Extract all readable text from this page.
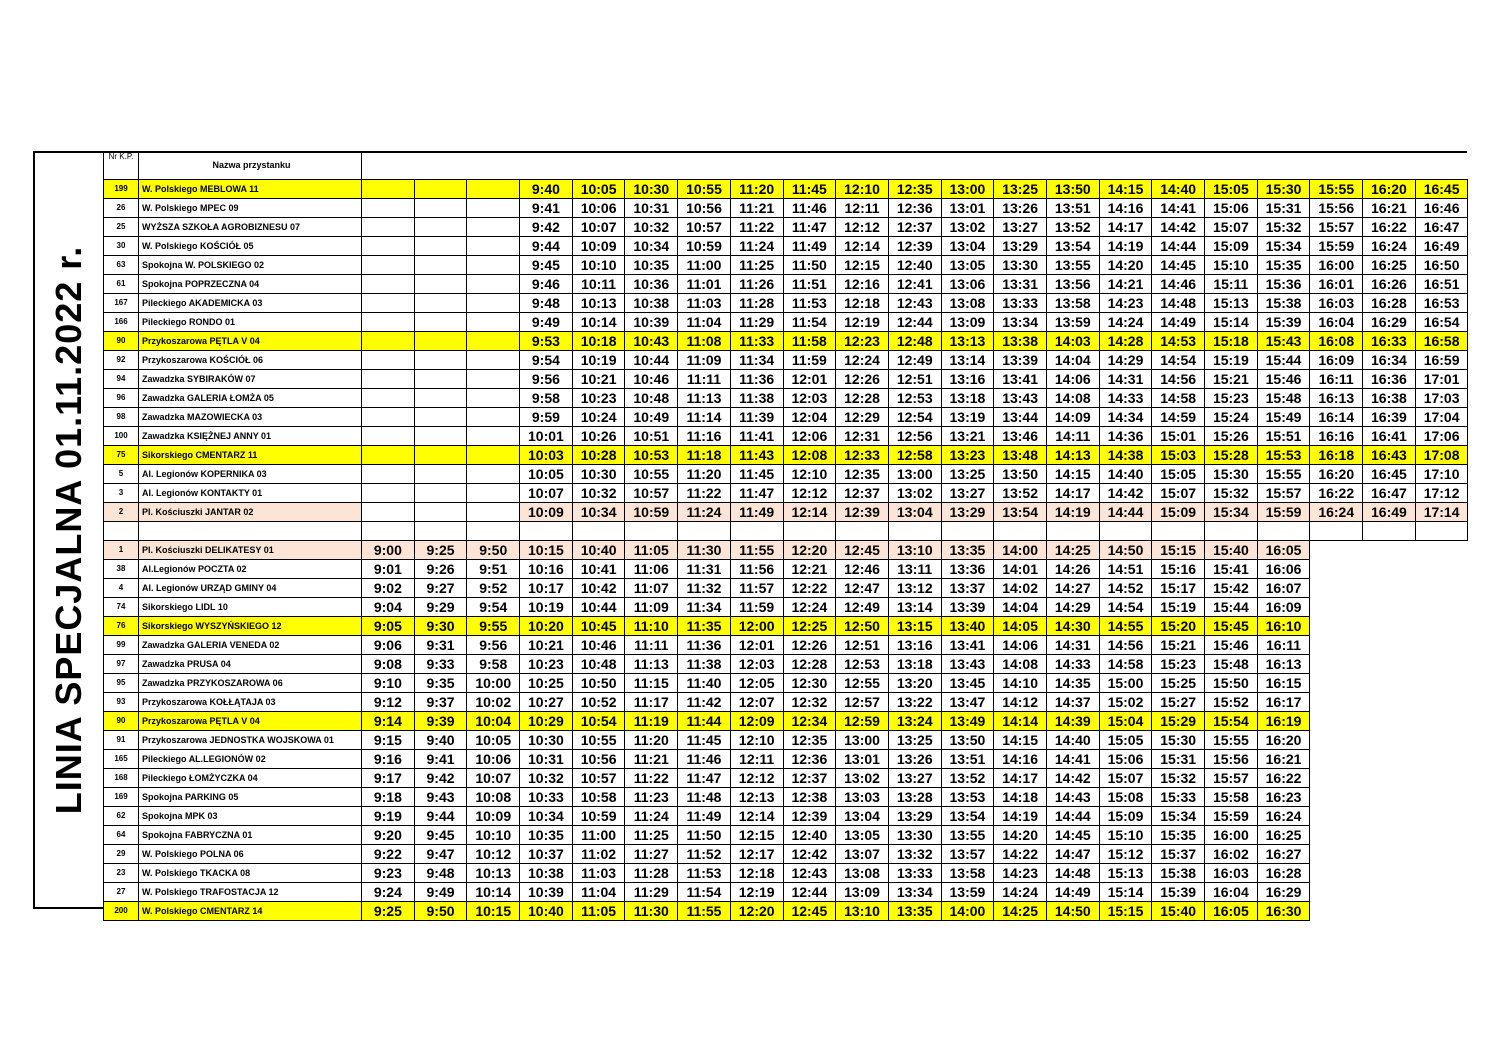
LINIA SPECJALNA 01.11.2022 r.
Nr K.P.	Nazwa przystanku																					
199	W. Polskiego MEBLOWA 11				9:40	10:05	10:30	10:55	11:20	11:45	12:10	12:35	13:00	13:25	13:50	14:15	14:40	15:05	15:30	15:55	16:20	16:45
26	W. Polskiego MPEC 09				9:41	10:06	10:31	10:56	11:21	11:46	12:11	12:36	13:01	13:26	13:51	14:16	14:41	15:06	15:31	15:56	16:21	16:46
25	WYŻSZA SZKOŁA AGROBIZNESU 07				9:42	10:07	10:32	10:57	11:22	11:47	12:12	12:37	13:02	13:27	13:52	14:17	14:42	15:07	15:32	15:57	16:22	16:47
30	W. Polskiego KOŚCIÓŁ 05				9:44	10:09	10:34	10:59	11:24	11:49	12:14	12:39	13:04	13:29	13:54	14:19	14:44	15:09	15:34	15:59	16:24	16:49
63	Spokojna W. POLSKIEGO 02				9:45	10:10	10:35	11:00	11:25	11:50	12:15	12:40	13:05	13:30	13:55	14:20	14:45	15:10	15:35	16:00	16:25	16:50
61	Spokojna POPRZECZNA 04				9:46	10:11	10:36	11:01	11:26	11:51	12:16	12:41	13:06	13:31	13:56	14:21	14:46	15:11	15:36	16:01	16:26	16:51
167	Pileckiego AKADEMICKA 03				9:48	10:13	10:38	11:03	11:28	11:53	12:18	12:43	13:08	13:33	13:58	14:23	14:48	15:13	15:38	16:03	16:28	16:53
166	Pileckiego RONDO 01				9:49	10:14	10:39	11:04	11:29	11:54	12:19	12:44	13:09	13:34	13:59	14:24	14:49	15:14	15:39	16:04	16:29	16:54
90	Przykoszarowa PĘTLA V 04				9:53	10:18	10:43	11:08	11:33	11:58	12:23	12:48	13:13	13:38	14:03	14:28	14:53	15:18	15:43	16:08	16:33	16:58
92	Przykoszarowa KOŚCIÓŁ 06				9:54	10:19	10:44	11:09	11:34	11:59	12:24	12:49	13:14	13:39	14:04	14:29	14:54	15:19	15:44	16:09	16:34	16:59
94	Zawadzka SYBIRAKÓW 07				9:56	10:21	10:46	11:11	11:36	12:01	12:26	12:51	13:16	13:41	14:06	14:31	14:56	15:21	15:46	16:11	16:36	17:01
96	Zawadzka GALERIA ŁOMŻA 05				9:58	10:23	10:48	11:13	11:38	12:03	12:28	12:53	13:18	13:43	14:08	14:33	14:58	15:23	15:48	16:13	16:38	17:03
98	Zawadzka MAZOWIECKA 03				9:59	10:24	10:49	11:14	11:39	12:04	12:29	12:54	13:19	13:44	14:09	14:34	14:59	15:24	15:49	16:14	16:39	17:04
100	Zawadzka KSIĘŻNEJ ANNY 01				10:01	10:26	10:51	11:16	11:41	12:06	12:31	12:56	13:21	13:46	14:11	14:36	15:01	15:26	15:51	16:16	16:41	17:06
75	Sikorskiego CMENTARZ 11				10:03	10:28	10:53	11:18	11:43	12:08	12:33	12:58	13:23	13:48	14:13	14:38	15:03	15:28	15:53	16:18	16:43	17:08
5	Al. Legionów KOPERNIKA 03				10:05	10:30	10:55	11:20	11:45	12:10	12:35	13:00	13:25	13:50	14:15	14:40	15:05	15:30	15:55	16:20	16:45	17:10
3	Al. Legionów KONTAKTY 01				10:07	10:32	10:57	11:22	11:47	12:12	12:37	13:02	13:27	13:52	14:17	14:42	15:07	15:32	15:57	16:22	16:47	17:12
2	Pl. Kościuszki JANTAR 02				10:09	10:34	10:59	11:24	11:49	12:14	12:39	13:04	13:29	13:54	14:19	14:44	15:09	15:34	15:59	16:24	16:49	17:14

1	Pl. Kościuszki DELIKATESY 01	9:00	9:25	9:50	10:15	10:40	11:05	11:30	11:55	12:20	12:45	13:10	13:35	14:00	14:25	14:50	15:15	15:40	16:05
38	Al.Legionów POCZTA 02	9:01	9:26	9:51	10:16	10:41	11:06	11:31	11:56	12:21	12:46	13:11	13:36	14:01	14:26	14:51	15:16	15:41	16:06
4	Al. Legionów URZĄD GMINY 04	9:02	9:27	9:52	10:17	10:42	11:07	11:32	11:57	12:22	12:47	13:12	13:37	14:02	14:27	14:52	15:17	15:42	16:07
74	Sikorskiego LIDL 10	9:04	9:29	9:54	10:19	10:44	11:09	11:34	11:59	12:24	12:49	13:14	13:39	14:04	14:29	14:54	15:19	15:44	16:09
76	Sikorskiego WYSZYŃSKIEGO 12	9:05	9:30	9:55	10:20	10:45	11:10	11:35	12:00	12:25	12:50	13:15	13:40	14:05	14:30	14:55	15:20	15:45	16:10
99	Zawadzka GALERIA VENEDA 02	9:06	9:31	9:56	10:21	10:46	11:11	11:36	12:01	12:26	12:51	13:16	13:41	14:06	14:31	14:56	15:21	15:46	16:11
97	Zawadzka PRUSA 04	9:08	9:33	9:58	10:23	10:48	11:13	11:38	12:03	12:28	12:53	13:18	13:43	14:08	14:33	14:58	15:23	15:48	16:13
95	Zawadzka PRZYKOSZAROWA 06	9:10	9:35	10:00	10:25	10:50	11:15	11:40	12:05	12:30	12:55	13:20	13:45	14:10	14:35	15:00	15:25	15:50	16:15
93	Przykoszarowa KOŁŁĄTAJA 03	9:12	9:37	10:02	10:27	10:52	11:17	11:42	12:07	12:32	12:57	13:22	13:47	14:12	14:37	15:02	15:27	15:52	16:17
90	Przykoszarowa PĘTLA V 04	9:14	9:39	10:04	10:29	10:54	11:19	11:44	12:09	12:34	12:59	13:24	13:49	14:14	14:39	15:04	15:29	15:54	16:19
91	Przykoszarowa JEDNOSTKA WOJSKOWA 01	9:15	9:40	10:05	10:30	10:55	11:20	11:45	12:10	12:35	13:00	13:25	13:50	14:15	14:40	15:05	15:30	15:55	16:20
165	Pileckiego AL.LEGIONÓW 02	9:16	9:41	10:06	10:31	10:56	11:21	11:46	12:11	12:36	13:01	13:26	13:51	14:16	14:41	15:06	15:31	15:56	16:21
168	Pileckiego ŁOMŻYCZKA 04	9:17	9:42	10:07	10:32	10:57	11:22	11:47	12:12	12:37	13:02	13:27	13:52	14:17	14:42	15:07	15:32	15:57	16:22
169	Spokojna PARKING 05	9:18	9:43	10:08	10:33	10:58	11:23	11:48	12:13	12:38	13:03	13:28	13:53	14:18	14:43	15:08	15:33	15:58	16:23
62	Spokojna MPK 03	9:19	9:44	10:09	10:34	10:59	11:24	11:49	12:14	12:39	13:04	13:29	13:54	14:19	14:44	15:09	15:34	15:59	16:24
64	Spokojna FABRYCZNA 01	9:20	9:45	10:10	10:35	11:00	11:25	11:50	12:15	12:40	13:05	13:30	13:55	14:20	14:45	15:10	15:35	16:00	16:25
29	W. Polskiego POLNA 06	9:22	9:47	10:12	10:37	11:02	11:27	11:52	12:17	12:42	13:07	13:32	13:57	14:22	14:47	15:12	15:37	16:02	16:27
23	W. Polskiego TKACKA 08	9:23	9:48	10:13	10:38	11:03	11:28	11:53	12:18	12:43	13:08	13:33	13:58	14:23	14:48	15:13	15:38	16:03	16:28
27	W. Polskiego TRAFOSTACJA 12	9:24	9:49	10:14	10:39	11:04	11:29	11:54	12:19	12:44	13:09	13:34	13:59	14:24	14:49	15:14	15:39	16:04	16:29
200	W. Polskiego CMENTARZ 14	9:25	9:50	10:15	10:40	11:05	11:30	11:55	12:20	12:45	13:10	13:35	14:00	14:25	14:50	15:15	15:40	16:05	16:30
